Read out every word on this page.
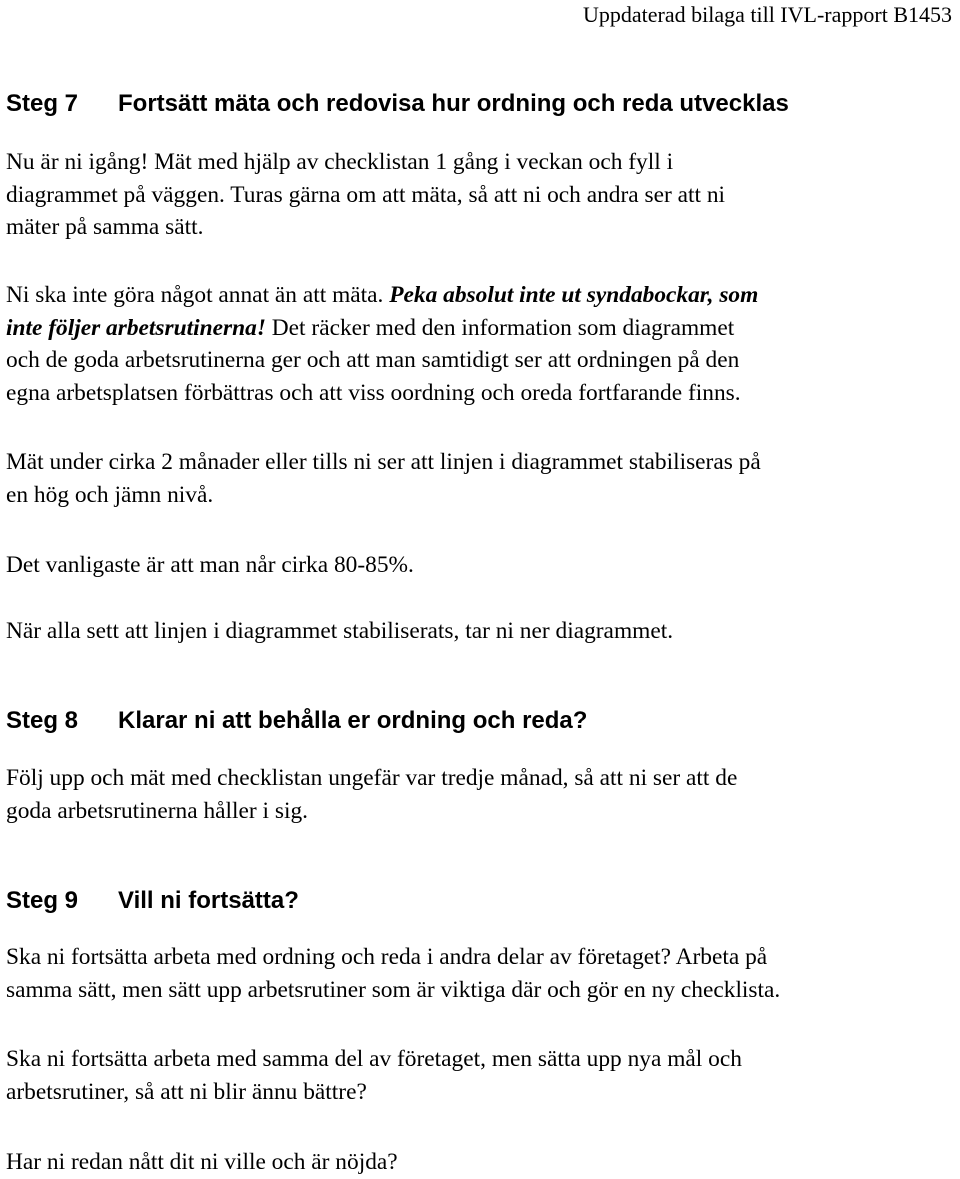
Uppdaterad bilaga till IVL-rapport B1453
Steg 7 Fortsätt mäta och redovisa hur ordning och reda utvecklas

Nu är ni igång! Mät med hjälp av checklistan 1 gång i veckan och fyll i
diagrammet på väggen. Turas gärna om att mäta, så att ni och andra ser att ni
mäter på samma sätt.

Ni ska inte göra något annat än att mäta. Peka absolut inte ut syndabockar, som
inte följer arbetsrutinerna! Det räcker med den information som diagrammet
och de goda arbetsrutinerna ger och att man samtidigt ser att ordningen på den
egna arbetsplatsen förbättras och att viss oordning och oreda fortfarande finns.

Mät under cirka 2 månader eller tills ni ser att linjen i diagrammet stabiliseras på
en hög och jämn nivå.

Det vanligaste är att man når cirka 80-85%.

När alla sett att linjen i diagrammet stabiliserats, tar ni ner diagrammet.

Steg 8 Klarar ni att behålla er ordning och reda?

Följ upp och mät med checklistan ungefär var tredje månad, så att ni ser att de
goda arbetsrutinerna håller i sig.

Steg 9 Vill ni fortsätta?

Ska ni fortsätta arbeta med ordning och reda i andra delar av företaget? Arbeta på
samma sätt, men sätt upp arbetsrutiner som är viktiga där och gör en ny checklista.

Ska ni fortsätta arbeta med samma del av företaget, men sätta upp nya mål och
arbetsrutiner, så att ni blir ännu bättre?

Har ni redan nått dit ni ville och är nöjda?
